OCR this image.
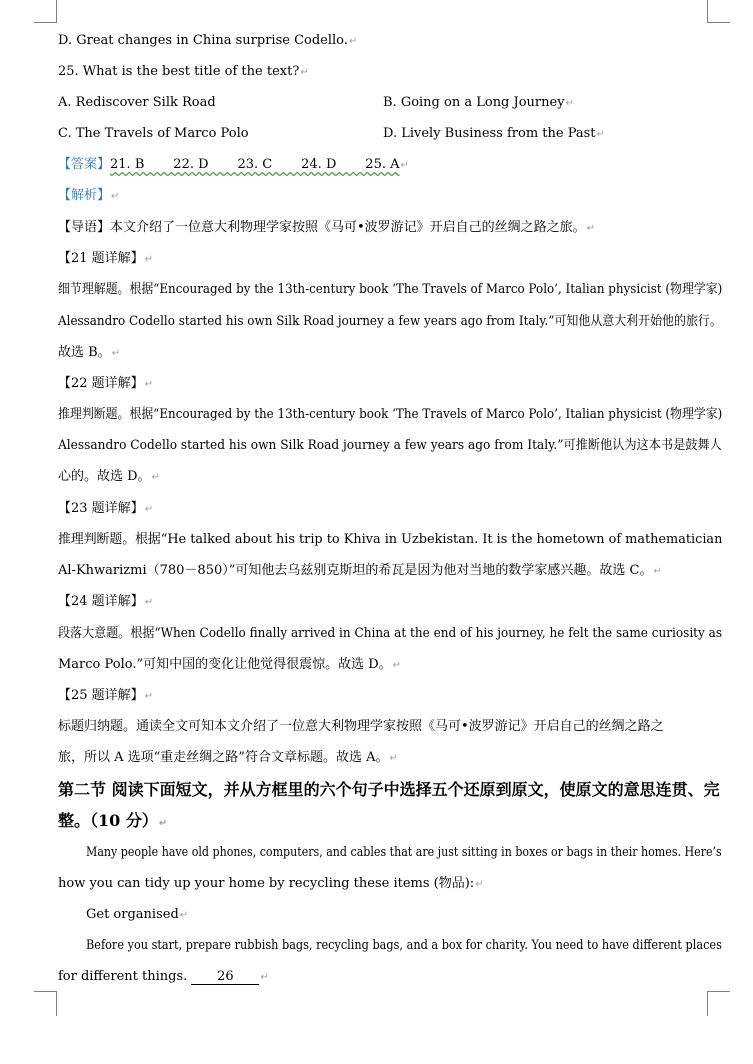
D. Great changes in China surprise Codello.↵
25. What is the best title of the text?↵
A. Rediscover Silk Road	B. Going on a Long Journey↵
C. The Travels of Marco Polo	D. Lively Business from the Past↵
【答案】21. B       22. D       23. C       24. D       25. A↵
【解析】↵
【导语】本文介绍了一位意大利物理学家按照《马可•波罗游记》开启自己的丝绸之路之旅。↵
【21 题详解】↵
细节理解题。根据“Encouraged by the 13th-century book ‘The Travels of Marco Polo’, Italian physicist (物理学家)
Alessandro Codello started his own Silk Road journey a few years ago from Italy.”可知他从意大利开始他的旅行。
故选 B。↵
【22 题详解】↵
推理判断题。根据“Encouraged by the 13th-century book ‘The Travels of Marco Polo’, Italian physicist (物理学家)
Alessandro Codello started his own Silk Road journey a few years ago from Italy.”可推断他认为这本书是鼓舞人
心的。故选 D。↵
【23 题详解】↵
推理判断题。根据“He talked about his trip to Khiva in Uzbekistan. It is the hometown of mathematician
Al-Khwarizmi（780－850）”可知他去乌兹别克斯坦的希瓦是因为他对当地的数学家感兴趣。故选 C。↵
【24 题详解】↵
段落大意题。根据“When Codello finally arrived in China at the end of his journey, he felt the same curiosity as
Marco Polo.”可知中国的变化让他觉得很震惊。故选 D。↵
【25 题详解】↵
标题归纳题。通读全文可知本文介绍了一位意大利物理学家按照《马可•波罗游记》开启自己的丝绸之路之
旅，所以 A 选项“重走丝绸之路”符合文章标题。故选 A。↵
第二节 阅读下面短文，并从方框里的六个句子中选择五个还原到原文，使原文的意思连贯、完
整。（10 分）↵
Many people have old phones, computers, and cables that are just sitting in boxes or bags in their homes. Here’s
how you can tidy up your home by recycling these items (物品):↵
Get organised↵
Before you start, prepare rubbish bags, recycling bags, and a box for charity. You need to have different places
for different things. 26	↵
